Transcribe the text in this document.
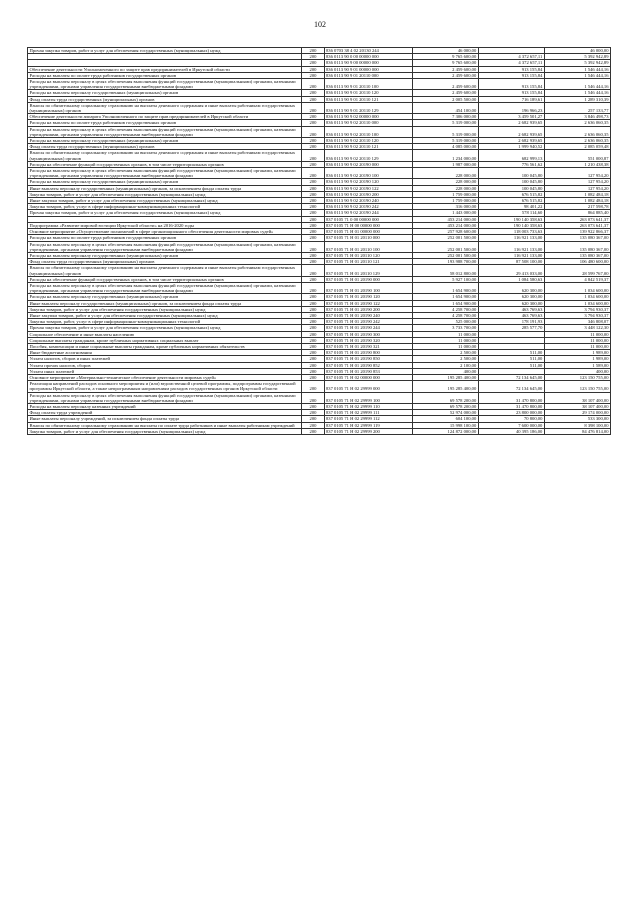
102
Прочая закупка товаров, работ и услуг для обеспечения государственных (муниципальных) нужд	200	836 0703 38 4 02 20130 244	46 000,00		46 000,00
	200	836 0113 90 0 00 00000 000	9 765 600,00	4 372 657,11	5 392 942,89
	200	836 0113 90 9 00 00000 000	9 765 600,00	4 372 657,11	5 392 942,89
Обеспечение деятельности Уполномоченного по защите прав предпринимателей в Иркутской области	200	836 0113 90 9 01 00000 000	2 459 600,00	913 155,84	1 546 444,16
Расходы на выплаты по оплате труда работников государственных органов	200	836 0113 90 9 01 20110 000	2 459 600,00	913 155,84	1 546 444,16
Расходы на выплаты персоналу в целях обеспечения выполнения функций государственными (муниципальными) органами, казенными учреждениями, органами управления государственными внебюджетными фондами	200	836 0113 90 9 01 20110 100	2 459 600,00	913 155,84	1 546 444,16
Расходы на выплаты персоналу государственных (муниципальных) органов	200	836 0113 90 9 01 20110 120	2 459 600,00	913 155,84	1 546 444,16
Фонд оплаты труда государственных (муниципальных) органов	200	836 0113 90 9 01 20110 121	2 005 500,00	716 189,61	1 289 310,39
Взносы по обязательному социальному страхованию на выплаты денежного содержания и иные выплаты работникам государственных (муниципальных) органов	200	836 0113 90 9 01 20110 129	454 100,00	196 966,23	257 133,77
Обеспечение деятельности аппарата Уполномоченного по защите прав предпринимателей в Иркутской области	200	836 0113 90 9 02 00000 000	7 306 000,00	3 459 501,27	3 846 498,73
Расходы на выплаты по оплате труда работников государственных органов	200	836 0113 90 9 02 20110 000	5 319 000,00	2 682 939,65	2 636 060,35
Расходы на выплаты персоналу в целях обеспечения выполнения функций государственными (муниципальными) органами, казенными учреждениями, органами управления государственными внебюджетными фондами	200	836 0113 90 9 02 20110 100	5 319 000,00	2 682 939,65	2 636 060,35
Расходы на выплаты персоналу государственных (муниципальных) органов	200	836 0113 90 9 02 20110 120	5 319 000,00	2 682 939,65	2 636 060,35
Фонд оплаты труда государственных (муниципальных) органов	200	836 0113 90 9 02 20110 121	4 085 000,00	1 999 940,52	2 085 059,48
Взносы по обязательному социальному страхованию на выплаты денежного содержания и иные выплаты работникам государственных (муниципальных) органов	200	836 0113 90 9 02 20110 129	1 234 000,00	682 999,13	551 000,87
Расходы на обеспечение функций государственных органов, в том числе территориальных органов	200	836 0113 90 9 02 20190 000	1 987 000,00	776 561,62	1 210 438,38
Расходы на выплаты персоналу в целях обеспечения выполнения функций государственными (муниципальными) органами, казенными учреждениями, органами управления государственными внебюджетными фондами	200	836 0113 90 9 02 20190 100	228 000,00	100 045,80	127 954,20
Расходы на выплаты персоналу государственных (муниципальных) органов	200	836 0113 90 9 02 20190 120	228 000,00	100 045,80	127 954,20
Иные выплаты персоналу государственных (муниципальных) органов, за исключением фонда оплаты труда	200	836 0113 90 9 02 20190 122	228 000,00	100 045,80	127 954,20
Закупка товаров, работ и услуг для обеспечения государственных (муниципальных) нужд	200	836 0113 90 9 02 20190 200	1 759 000,00	676 515,82	1 082 484,18
Иные закупки товаров, работ и услуг для обеспечения государственных (муниципальных) нужд	200	836 0113 90 9 02 20190 240	1 759 000,00	676 515,82	1 082 484,18
Закупка товаров, работ, услуг в сфере информационно-коммуникационных технологий	200	836 0113 90 9 02 20190 242	316 000,00	98 401,22	217 598,78
Прочая закупка товаров, работ и услуг для обеспечения государственных (муниципальных) нужд	200	836 0113 90 9 02 20190 244	1 443 000,00	578 114,60	864 885,40
	200	837 0105 71 0 00 00000 000	453 214 000,00	190 140 358,63	263 073 641,37
Подпрограмма «Развитие мировой юстиции Иркутской области» на 2016-2020 годы	200	837 0105 71 Н 00 00000 000	453 214 000,00	190 140 358,63	263 073 641,37
Основное мероприятие «Осуществление полномочий в сфере организационного обеспечения деятельности мировых судей»	200	837 0105 71 Н 01 00000 000	257 928 600,00	118 003 733,63	139 922 866,37
Расходы на выплаты по оплате труда работников государственных органов	200	837 0105 71 Н 01 20110 000	252 001 500,00	116 921 133,00	135 080 367,00
Расходы на выплаты персоналу в целях обеспечения выполнения функций государственными (муниципальными) органами, казенными учреждениями, органами управления государственными внебюджетными фондами	200	837 0105 71 Н 01 20110 100	252 001 500,00	116 921 133,00	135 080 367,00
Расходы на выплаты персоналу государственных (муниципальных) органов	200	837 0105 71 Н 01 20110 120	252 001 500,00	116 921 133,00	135 080 367,00
Фонд оплаты труда государственных (муниципальных) органов	200	837 0105 71 Н 01 20110 121	193 988 700,00	87 508 100,00	106 480 600,00
Взносы по обязательному социальному страхованию на выплаты денежного содержания и иные выплаты работникам государственных (муниципальных) органов	200	837 0105 71 Н 01 20110 129	58 012 800,00	29 413 033,00	28 599 767,00
Расходы на обеспечение функций государственных органов, в том числе территориальных органов	200	837 0105 71 Н 01 20190 000	5 927 100,00	1 084 580,63	4 842 519,37
Расходы на выплаты персоналу в целях обеспечения выполнения функций государственными (муниципальными) органами, казенными учреждениями, органами управления государственными внебюджетными фондами	200	837 0105 71 Н 01 20190 100	1 654 900,00	620 300,00	1 034 600,00
Расходы на выплаты персоналу государственных (муниципальных) органов	200	837 0105 71 Н 01 20190 120	1 654 900,00	620 300,00	1 034 600,00
Иные выплаты персоналу государственных (муниципальных) органов, за исключением фонда оплаты труда	200	837 0105 71 Н 01 20190 122	1 654 900,00	620 300,00	1 034 600,00
Закупка товаров, работ и услуг для обеспечения государственных (муниципальных) нужд	200	837 0105 71 Н 01 20190 200	4 258 700,00	463 769,63	3 794 930,37
Иные закупки товаров, работ и услуг для обеспечения государственных (муниципальных) нужд	200	837 0105 71 Н 01 20190 240	4 258 700,00	463 769,63	3 794 930,37
Закупка товаров, работ, услуг в сфере информационно-коммуникационных технологий	200	837 0105 71 Н 01 20190 242	525 000,00	178 191,93	346 808,07
Прочая закупка товаров, работ и услуг для обеспечения государственных (муниципальных) нужд	200	837 0105 71 Н 01 20190 244	3 733 700,00	285 577,70	3 448 122,30
Социальное обеспечение и иные выплаты населению	200	837 0105 71 Н 01 20190 300	11 000,00		11 000,00
Социальные выплаты гражданам, кроме публичных нормативных социальных выплат	200	837 0105 71 Н 01 20190 320	11 000,00		11 000,00
Пособия, компенсации и иные социальные выплаты гражданам, кроме публичных нормативных обязательств	200	837 0105 71 Н 01 20190 321	11 000,00		11 000,00
Иные бюджетные ассигнования	200	837 0105 71 Н 01 20190 800	2 500,00	511,00	1 989,00
Уплата налогов, сборов и иных платежей	200	837 0105 71 Н 01 20190 850	2 500,00	511,00	1 989,00
Уплата прочих налогов, сборов	200	837 0105 71 Н 01 20190 852	2 100,00	511,00	1 589,00
Уплата иных платежей	200	837 0105 71 Н 01 20190 853	400,00		400,00
Основное мероприятие «Материально-техническое обеспечение деятельности мировых судей»	200	837 0105 71 Н 02 00000 000	195 285 400,00	72 134 645,00	123 150 755,00
Реализация направлений расходов основного мероприятия и (или) ведомственной целевой программы, подпрограммы государственной программы Иркутской области, а также непрограммным направлениям расходов государственных органов Иркутской области	200	837 0105 71 Н 02 29999 000	195 285 400,00	72 134 645,00	123 150 755,00
Расходы на выплаты персоналу в целях обеспечения выполнения функций государственными (муниципальными) органами, казенными учреждениями, органами управления государственными внебюджетными фондами	200	837 0105 71 Н 02 29999 100	69 578 200,00	31 470 800,00	38 107 400,00
Расходы на выплаты персоналу казенных учреждений	200	837 0105 71 Н 02 29999 110	69 578 200,00	31 470 800,00	38 107 400,00
Фонд оплаты труда учреждений	200	837 0105 71 Н 02 29999 111	52 974 000,00	23 800 000,00	29 174 000,00
Иные выплаты персоналу учреждений, за исключением фонда оплаты труда	200	837 0105 71 Н 02 29999 112	604 100,00	70 800,00	533 300,00
Взносы по обязательному социальному страхованию на выплаты по оплате труда работников и иные выплаты работникам учреждений	200	837 0105 71 Н 02 29999 119	15 998 100,00	7 600 000,00	8 398 100,00
Закупка товаров, работ и услуг для обеспечения государственных (муниципальных) нужд	200	837 0105 71 Н 02 29999 200	124 872 000,00	40 395 186,00	84 476 814,00
